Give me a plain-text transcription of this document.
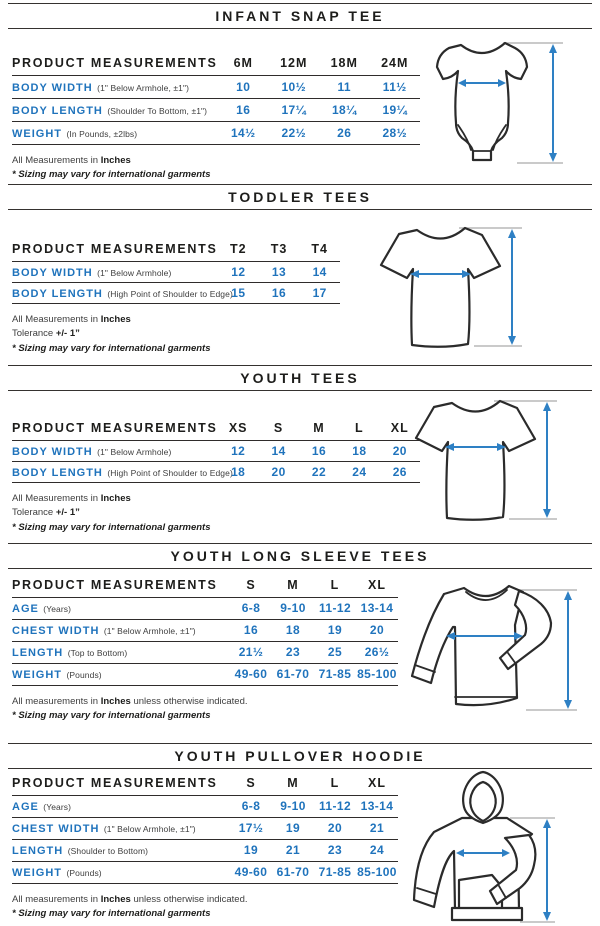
INFANT SNAP TEE
PRODUCT MEASUREMENTS	6M	12M	18M	24M
BODY WIDTH (1" Below Armhole, ±1")	10	10½	11	11½
BODY LENGTH (Shoulder To Bottom, ±1")	16	17¼	18¼	19¼
WEIGHT (In Pounds, ±2lbs)	14½	22½	26	28½
All Measurements in Inches
* Sizing may vary for international garments
TODDLER TEES
PRODUCT MEASUREMENTS	T2	T3	T4
BODY WIDTH (1" Below Armhole)	12	13	14
BODY LENGTH (High Point of Shoulder to Edge)	15	16	17
All Measurements in Inches
Tolerance +/- 1”
* Sizing may vary for international garments
YOUTH TEES
PRODUCT MEASUREMENTS	XS	S	M	L	XL
BODY WIDTH (1" Below Armhole)	12	14	16	18	20
BODY LENGTH (High Point of Shoulder to Edge)	18	20	22	24	26
All Measurements in Inches
Tolerance +/- 1”
* Sizing may vary for international garments
YOUTH LONG SLEEVE TEES
PRODUCT MEASUREMENTS	S	M	L	XL
AGE (Years)	6-8	9-10	11-12	13-14
CHEST WIDTH (1" Below Armhole, ±1")	16	18	19	20
LENGTH (Top to Bottom)	21½	23	25	26½
WEIGHT (Pounds)	49-60	61-70	71-85	85-100
All measurements in Inches unless otherwise indicated.
* Sizing may vary for international garments
YOUTH PULLOVER HOODIE
PRODUCT MEASUREMENTS	S	M	L	XL
AGE (Years)	6-8	9-10	11-12	13-14
CHEST WIDTH (1" Below Armhole, ±1")	17½	19	20	21
LENGTH (Shoulder to Bottom)	19	21	23	24
WEIGHT (Pounds)	49-60	61-70	71-85	85-100
All measurements in Inches unless otherwise indicated.
* Sizing may vary for international garments
